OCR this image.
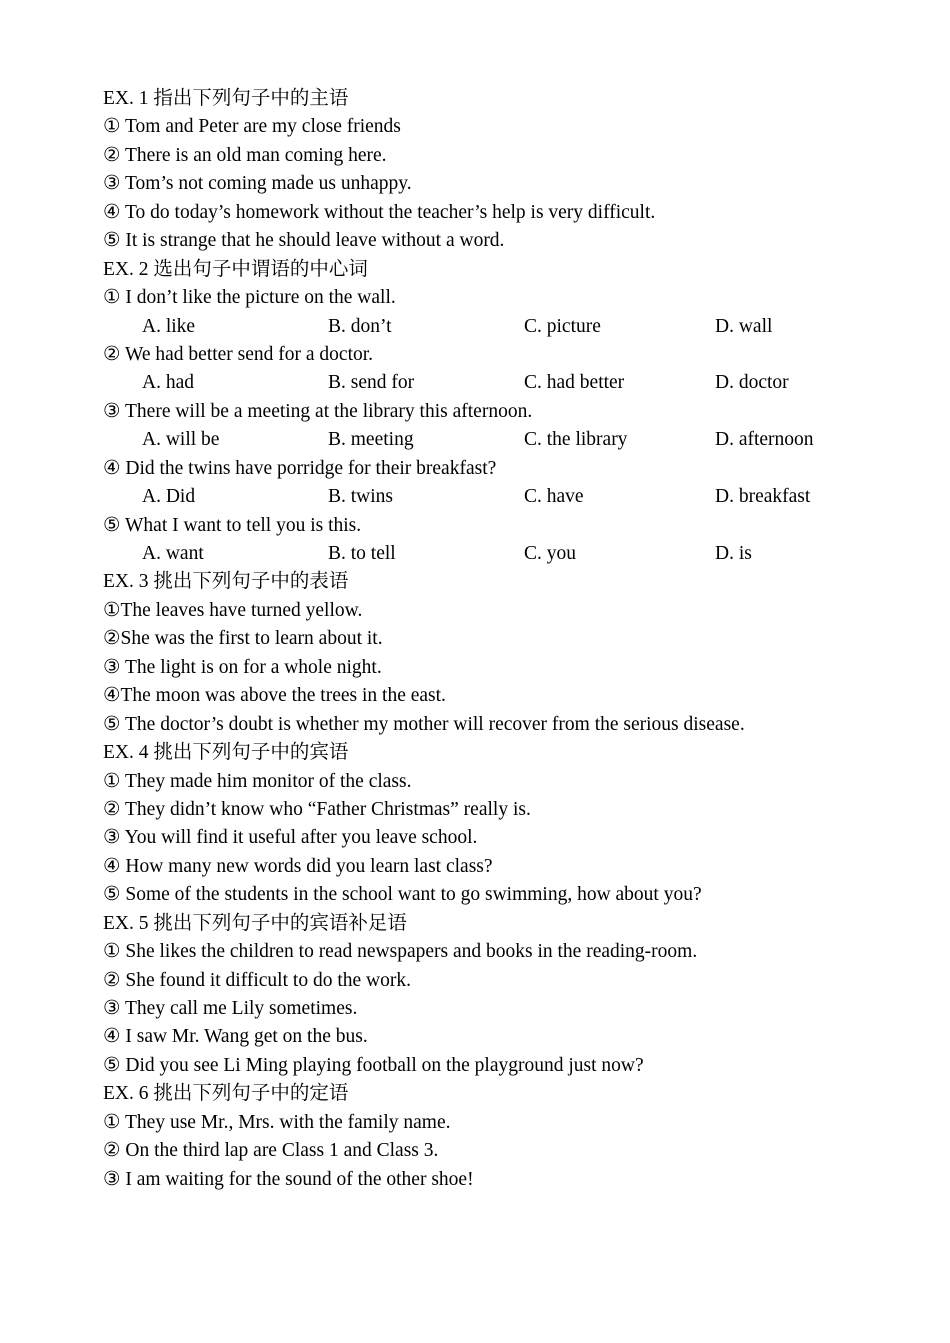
EX. 1 指出下列句子中的主语
① Tom and Peter are my close friends
② There is an old man coming here.
③ Tom’s not coming made us unhappy.
④ To do today’s homework without the teacher’s help is very difficult.
⑤ It is strange that he should leave without a word.
EX. 2 选出句子中谓语的中心词
① I don’t like the picture on the wall.
A. like	B. don’t	C. picture	D. wall
② We had better send for a doctor.
A. had	B. send for	C. had better	D. doctor
③ There will be a meeting at the library this afternoon.
A. will be	B. meeting	C. the library	D. afternoon
④ Did the twins have porridge for their breakfast?
A. Did	B. twins	C. have	D. breakfast
⑤ What I want to tell you is this.
A. want	B. to tell	C. you	D. is
EX. 3 挑出下列句子中的表语
①The leaves have turned yellow.
②She was the first to learn about it.
③ The light is on for a whole night.
④The moon was above the trees in the east.
⑤ The doctor’s doubt is whether my mother will recover from the serious disease.
EX. 4 挑出下列句子中的宾语
① They made him monitor of the class.
② They didn’t know who “Father Christmas” really is.
③ You will find it useful after you leave school.
④ How many new words did you learn last class?
⑤ Some of the students in the school want to go swimming, how about you?
EX. 5 挑出下列句子中的宾语补足语
① She likes the children to read newspapers and books in the reading-room.
② She found it difficult to do the work.
③ They call me Lily sometimes.
④ I saw Mr. Wang get on the bus.
⑤ Did you see Li Ming playing football on the playground just now?
EX. 6 挑出下列句子中的定语
① They use Mr., Mrs. with the family name.
② On the third lap are Class 1 and Class 3.
③ I am waiting for the sound of the other shoe!
